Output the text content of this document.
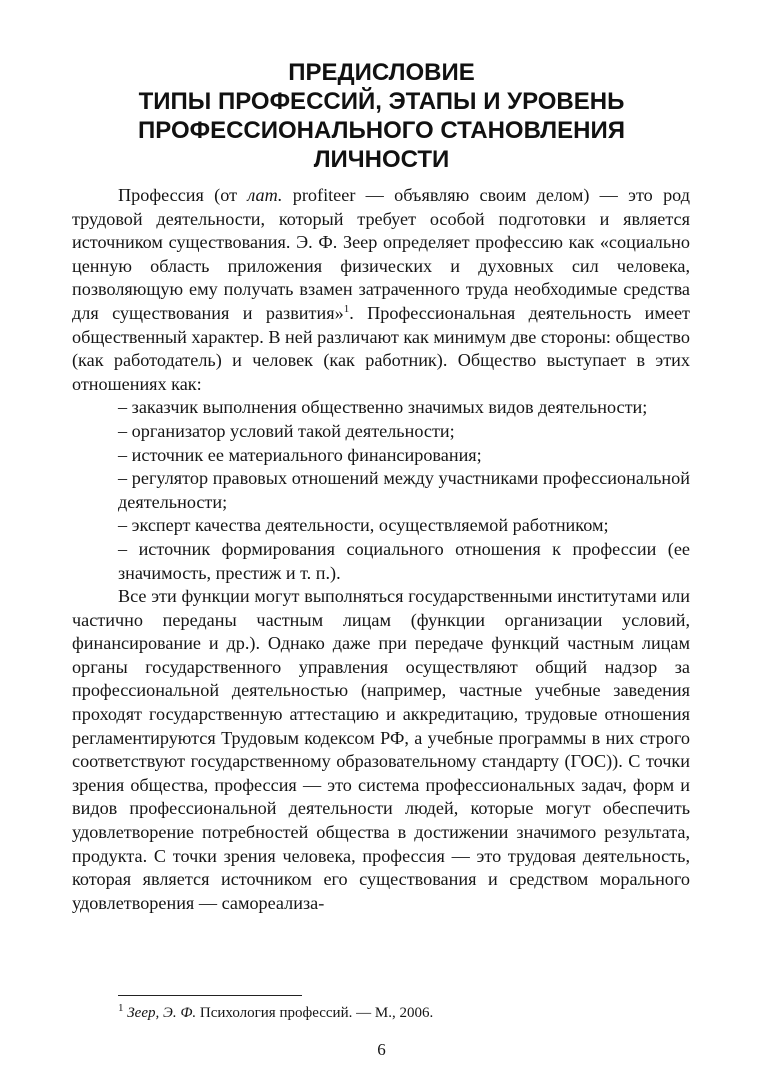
ПРЕДИСЛОВИЕ
ТИПЫ ПРОФЕССИЙ, ЭТАПЫ И УРОВЕНЬ
ПРОФЕССИОНАЛЬНОГО СТАНОВЛЕНИЯ
ЛИЧНОСТИ

Профессия (от лат. profiteer — объявляю своим делом) — это род трудовой деятельности, который требует особой подготовки и является источником существования. Э. Ф. Зеер определяет профессию как «социально ценную область приложения физических и духовных сил человека, позволяющую ему получать взамен затраченного труда необходимые средства для существования и развития»$^1$. Профессиональная деятельность имеет общественный характер. В ней различают как минимум две стороны: общество (как работодатель) и человек (как работник). Общество выступает в этих отношениях как:

– заказчик выполнения общественно значимых видов деятельности;
– организатор условий такой деятельности;
– источник ее материального финансирования;
– регулятор правовых отношений между участниками профессиональной деятельности;
– эксперт качества деятельности, осуществляемой работником;
– источник формирования социального отношения к профессии (ее значимость, престиж и т. п.).

Все эти функции могут выполняться государственными институтами или частично переданы частным лицам (функции организации условий, финансирование и др.). Однако даже при передаче функций частным лицам органы государственного управления осуществляют общий надзор за профессиональной деятельностью (например, частные учебные заведения проходят государственную аттестацию и аккредитацию, трудовые отношения регламентируются Трудовым кодексом РФ, а учебные программы в них строго соответствуют государственному образовательному стандарту (ГОС)). С точки зрения общества, профессия — это система профессиональных задач, форм и видов профессиональной деятельности людей, которые могут обеспечить удовлетворение потребностей общества в достижении значимого результата, продукта. С точки зрения человека, профессия — это трудовая деятельность, которая является источником его существования и средством морального удовлетворения — самореализа-

$^1$ Зеер, Э. Ф. Психология профессий. — М., 2006.
6
